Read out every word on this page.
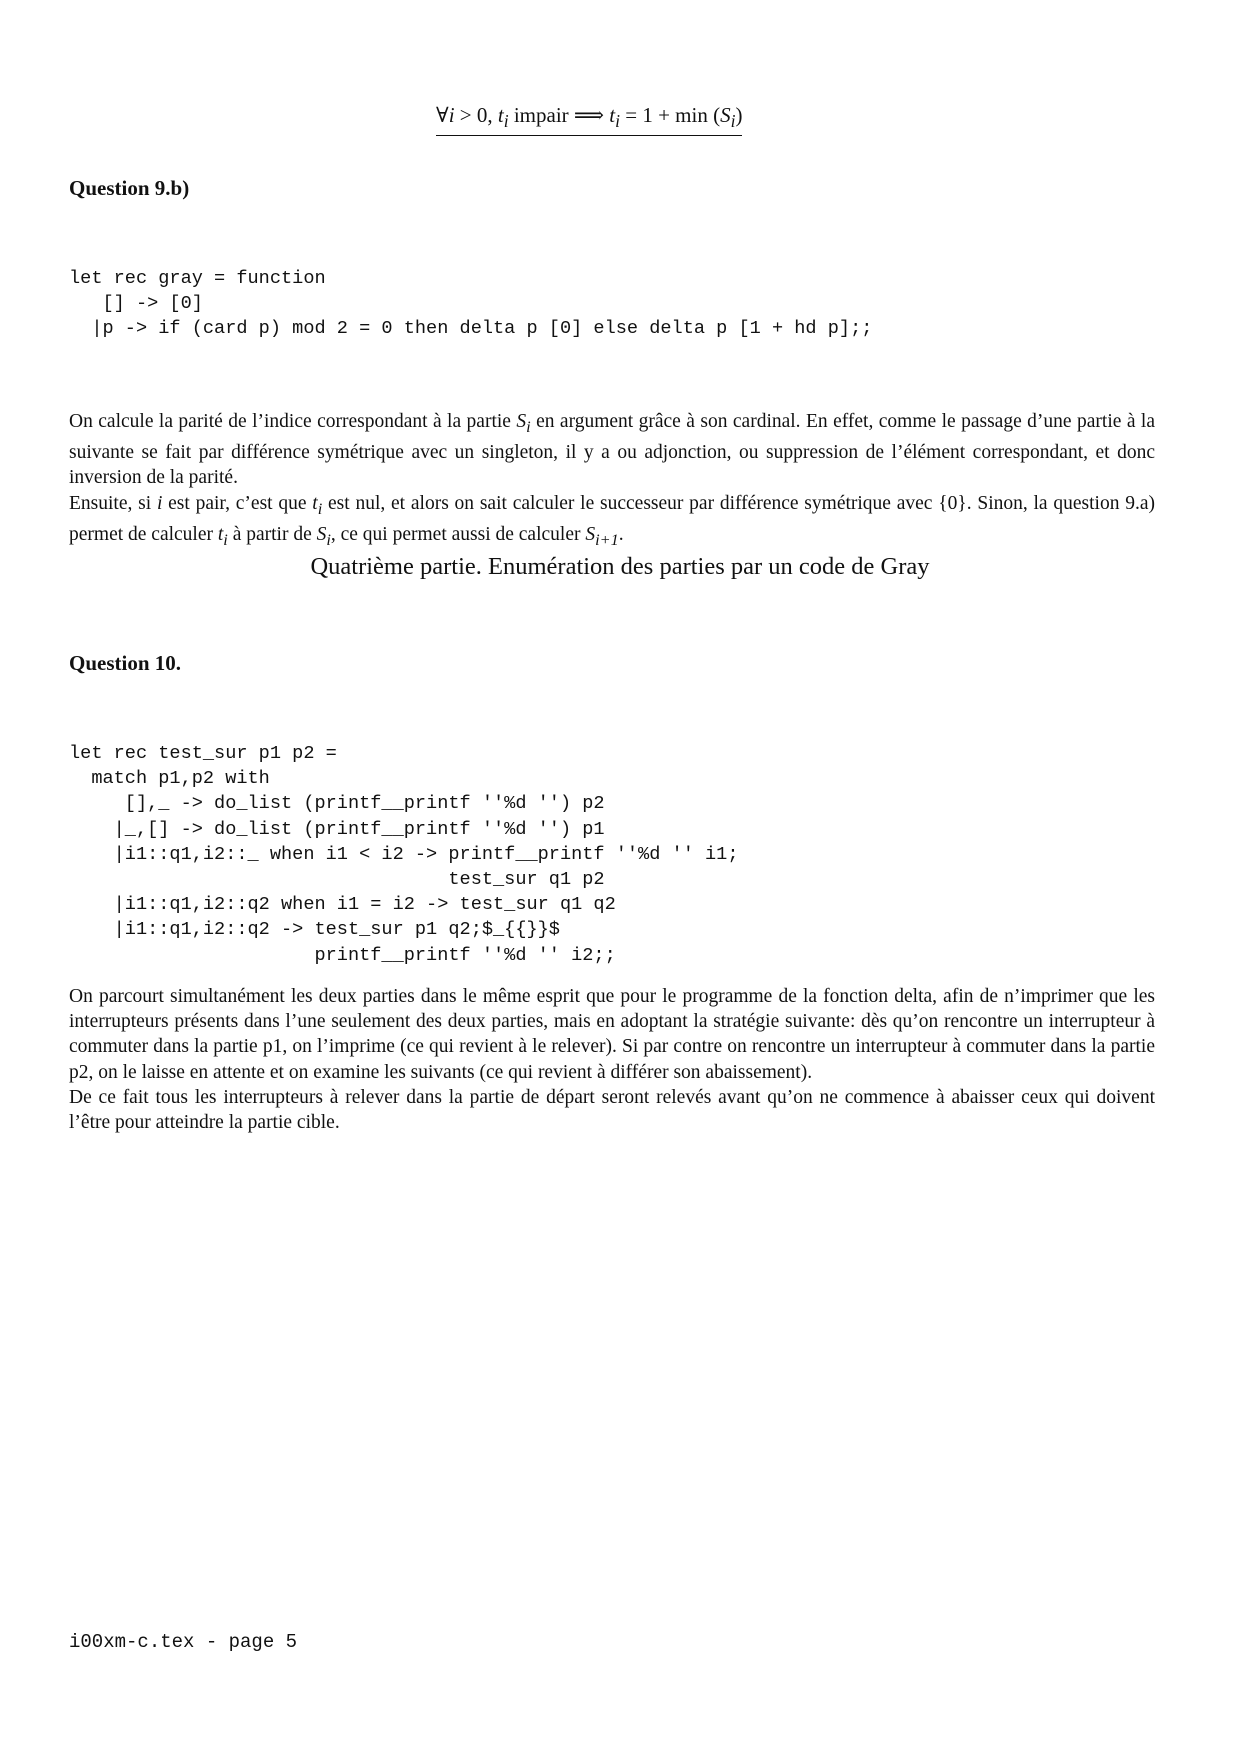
∀i > 0, $t_i$ impair ⟹ $t_i = 1 + \min (S_i)$
Question 9.b)
let rec gray = function
[] -> [0]
|p -> if (card p) mod 2 = 0 then delta p [0] else delta p [1 + hd p];;

On calcule la parité de l’indice correspondant à la partie $S_i$ en argument grâce à son cardinal. En effet, comme le passage d’une partie à la suivante se fait par différence symétrique avec un singleton, il y a ou adjonction, ou suppression de l’élément correspondant, et donc inversion de la parité.

Ensuite, si i est pair, c’est que $t_i$ est nul, et alors on sait calculer le successeur par différence symétrique avec {0}. Sinon, la question 9.a) permet de calculer $t_i$ à partir de $S_i$, ce qui permet aussi de calculer $S_{i+1}$.

Quatrième partie. Enumération des parties par un code de Gray
Question 10.
let rec test_sur p1 p2 =
match p1,p2 with
[],_ -> do_list (printf__printf ''%d '') p2
|_,[] -> do_list (printf__printf ''%d '') p1
|i1::q1,i2::_ when i1 < i2 -> printf__printf ''%d '' i1;
test_sur q1 p2
|i1::q1,i2::q2 when i1 = i2 -> test_sur q1 q2
|i1::q1,i2::q2 -> test_sur p1 q2;$_{{}}$
printf__printf ''%d '' i2;;

On parcourt simultanément les deux parties dans le même esprit que pour le programme de la fonction delta, afin de n’imprimer que les interrupteurs présents dans l’une seulement des deux parties, mais en adoptant la stratégie suivante: dès qu’on rencontre un interrupteur à commuter dans la partie p1, on l’imprime (ce qui revient à le relever). Si par contre on rencontre un interrupteur à commuter dans la partie p2, on le laisse en attente et on examine les suivants (ce qui revient à différer son abaissement).

De ce fait tous les interrupteurs à relever dans la partie de départ seront relevés avant qu’on ne commence à abaisser ceux qui doivent l’être pour atteindre la partie cible.

i00xm-c.tex - page 5
